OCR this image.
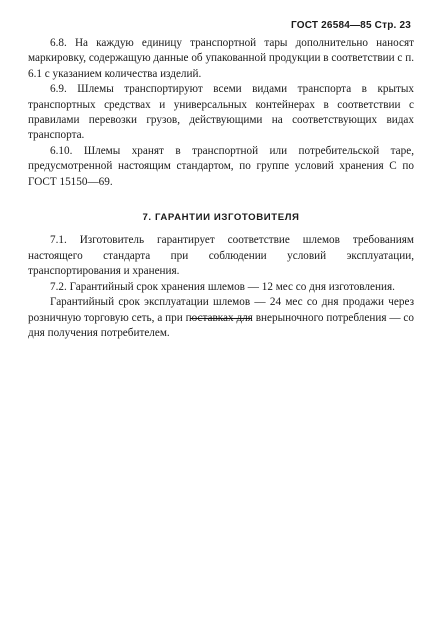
ГОСТ 26584—85 Стр. 23

6.8. На каждую единицу транспортной тары дополнительно наносят маркировку, содержащую данные об упакованной продукции в соответствии с п. 6.1 с указанием количества изделий.

6.9. Шлемы транспортируют всеми видами транспорта в крытых транспортных средствах и универсальных контейнерах в соответствии с правилами перевозки грузов, действующими на соответствующих видах транспорта.

6.10. Шлемы хранят в транспортной или потребительской таре, предусмотренной настоящим стандартом, по группе условий хранения С по ГОСТ 15150—69.

7. ГАРАНТИИ ИЗГОТОВИТЕЛЯ

7.1. Изготовитель гарантирует соответствие шлемов требованиям настоящего стандарта при соблюдении условий эксплуатации, транспортирования и хранения.

7.2. Гарантийный срок хранения шлемов — 12 мес со дня изготовления.

Гарантийный срок эксплуатации шлемов — 24 мес со дня продажи через розничную торговую сеть, а при поставках для внерыночного потребления — со дня получения потребителем.
